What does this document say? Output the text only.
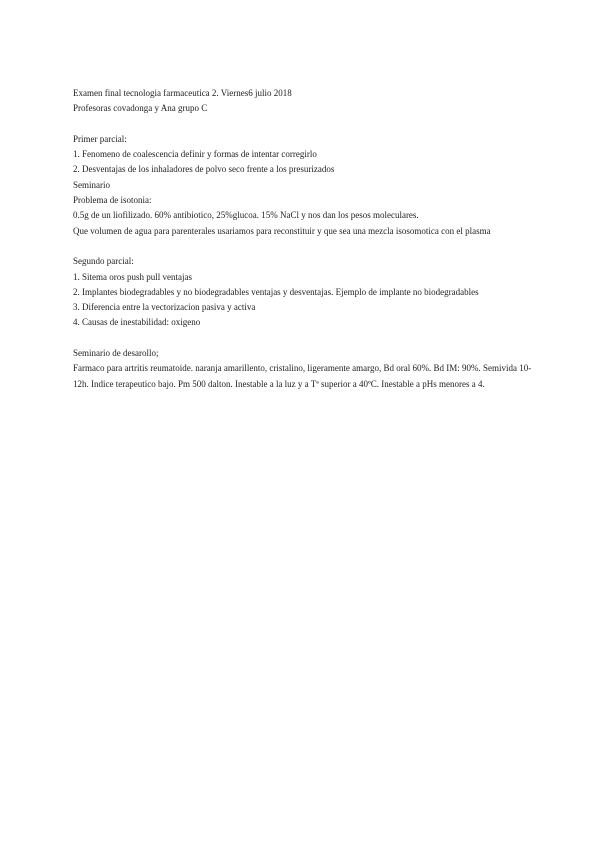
Examen final tecnologia farmaceutica 2. Viernes6 julio 2018

Profesoras covadonga y Ana grupo C

Primer parcial:

1. Fenomeno de coalescencia definir y formas de intentar corregirlo

2. Desventajas de los inhaladores de polvo seco frente a los presurizados

Seminario

Problema de isotonia:

0.5g de un liofilizado. 60% antibiotico, 25%glucoa. 15% NaCl y nos dan los pesos moleculares.

Que volumen de agua para parenterales usariamos para reconstituir y que sea una mezcla isosomotica con el plasma

Segundo parcial:

1. Sitema oros push pull ventajas

2. Implantes biodegradables y no biodegradables ventajas y desventajas. Ejemplo de implante no biodegradables

3. Diferencia entre la vectorizacion pasiva y activa

4. Causas de inestabilidad: oxigeno

Seminario de desarollo;

Farmaco para artritis reumatoide. naranja amarillento, cristalino, ligeramente amargo, Bd oral 60%. Bd IM: 90%. Semivida 10-12h. Indice terapeutico bajo. Pm 500 dalton. Inestable a la luz y a Tª superior a 40ºC. Inestable a pHs menores a 4.
